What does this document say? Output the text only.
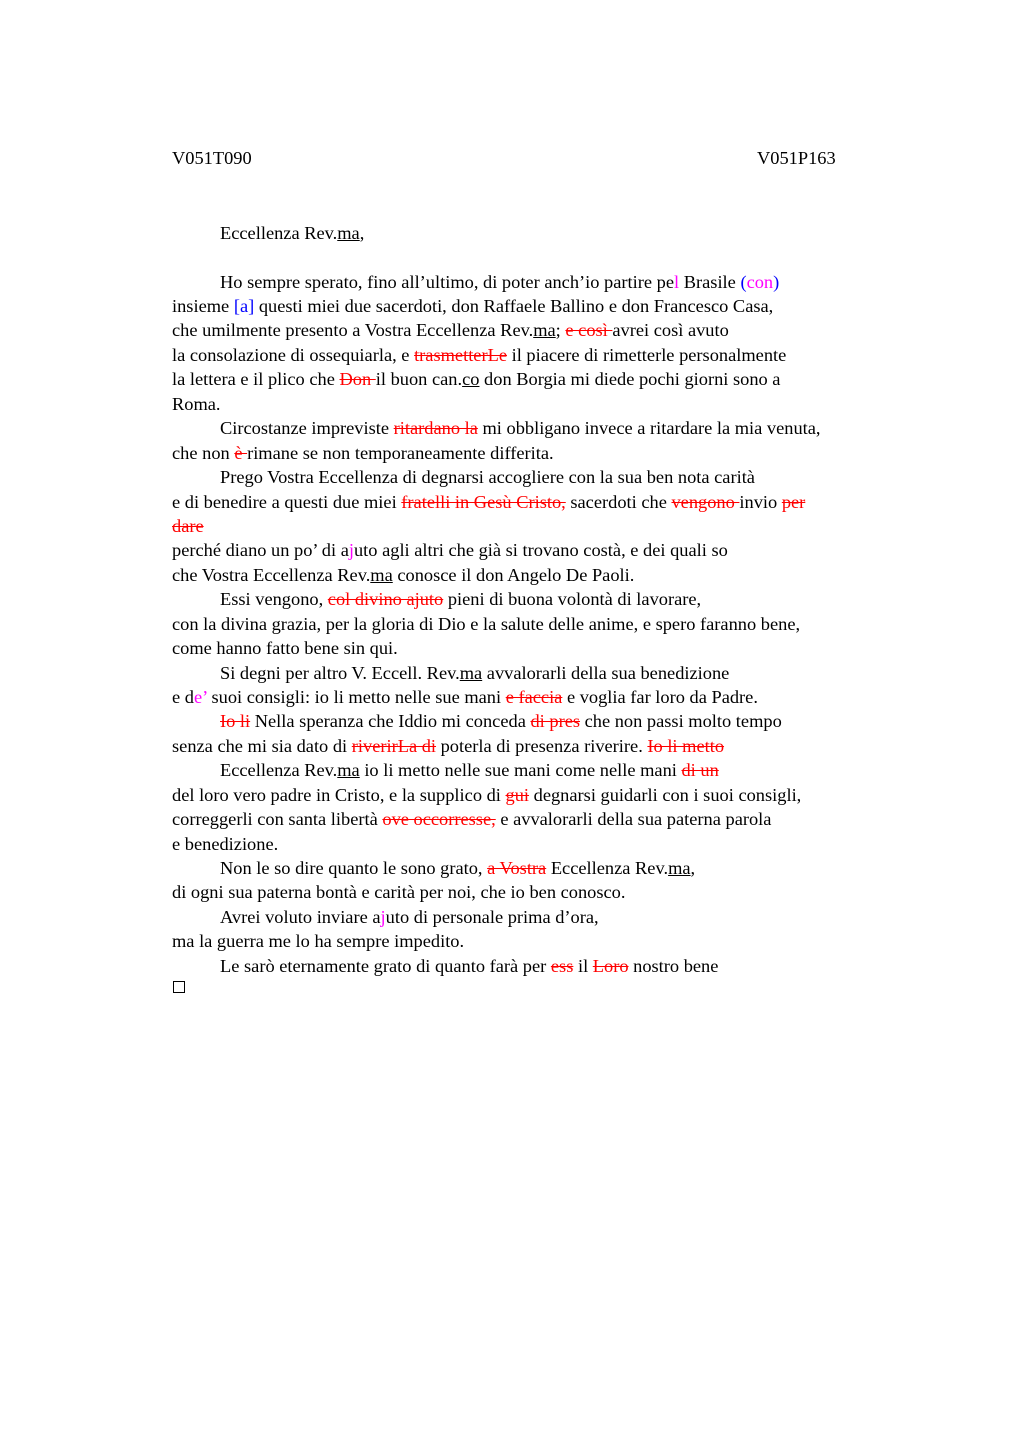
V051T090	V051P163
Eccellenza Rev.ma,
Ho sempre sperato, fino all’ultimo, di poter anch’io partire pel Brasile (con)
insieme [a] questi miei due sacerdoti, don Raffaele Ballino e don Francesco Casa,
che umilmente presento a Vostra Eccellenza Rev.ma; e così avrei così avuto
la consolazione di ossequiarla, e trasmetterLe il piacere di rimetterle personalmente
la lettera e il plico che Don il buon can.co don Borgia mi diede pochi giorni sono a
Roma.
Circostanze impreviste ritardano la mi obbligano invece a ritardare la mia venuta,
che non è rimane se non temporaneamente differita.
Prego Vostra Eccellenza di degnarsi accogliere con la sua ben nota carità
e di benedire a questi due miei fratelli in Gesù Cristo, sacerdoti che vengono invio per
dare
perché diano un po’ di ajuto agli altri che già si trovano costà, e dei quali so
che Vostra Eccellenza Rev.ma conosce il don Angelo De Paoli.
Essi vengono, col divino ajuto pieni di buona volontà di lavorare,
con la divina grazia, per la gloria di Dio e la salute delle anime, e spero faranno bene,
come hanno fatto bene sin qui.
Si degni per altro V. Eccell. Rev.ma avvalorarli della sua benedizione
e de’ suoi consigli: io li metto nelle sue mani e faccia e voglia far loro da Padre.
Io li Nella speranza che Iddio mi conceda di pres che non passi molto tempo
senza che mi sia dato di riverirLa di poterla di presenza riverire. Io li metto
Eccellenza Rev.ma io li metto nelle sue mani come nelle mani di un
del loro vero padre in Cristo, e la supplico di gui degnarsi guidarli con i suoi consigli,
correggerli con santa libertà ove occorresse, e avvalorarli della sua paterna parola
e benedizione.
Non le so dire quanto le sono grato, a Vostra Eccellenza Rev.ma,
di ogni sua paterna bontà e carità per noi, che io ben conosco.
Avrei voluto inviare ajuto di personale prima d’ora,
ma la guerra me lo ha sempre impedito.
Le sarò eternamente grato di quanto farà per ess il Loro nostro bene
